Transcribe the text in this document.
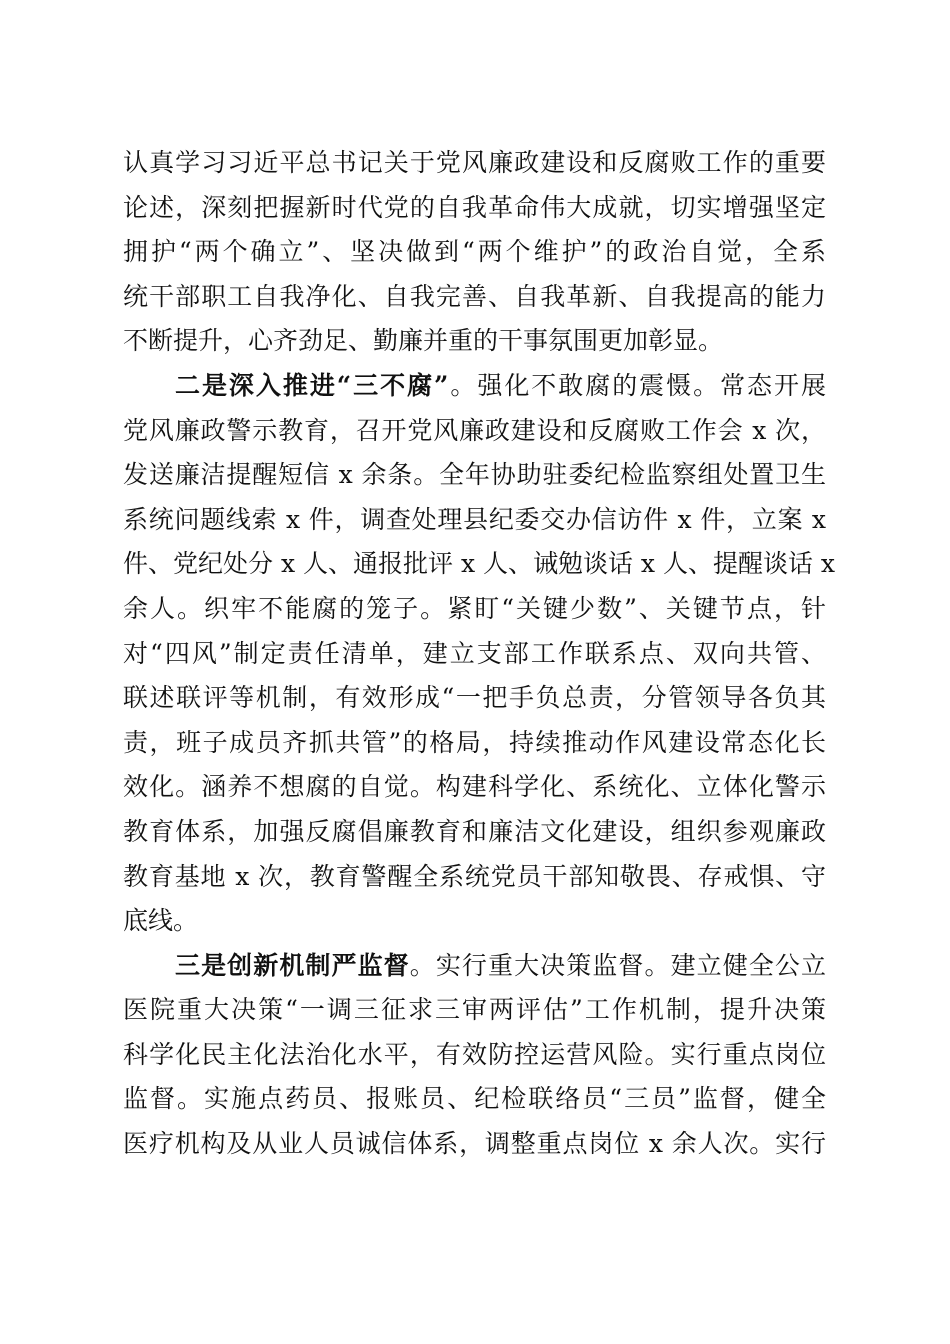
认真学习习近平总书记关于党风廉政建设和反腐败工作的重要
论述，深刻把握新时代党的自我革命伟大成就，切实增强坚定
拥护“两个确立”、坚决做到“两个维护”的政治自觉，全系
统干部职工自我净化、自我完善、自我革新、自我提高的能力
不断提升，心齐劲足、勤廉并重的干事氛围更加彰显。
二是深入推进“三不腐”。强化不敢腐的震慑。常态开展
党风廉政警示教育，召开党风廉政建设和反腐败工作会 x 次，
发送廉洁提醒短信 x 余条。全年协助驻委纪检监察组处置卫生
系统问题线索 x 件，调查处理县纪委交办信访件 x 件，立案 x
件、党纪处分 x 人、通报批评 x 人、诫勉谈话 x 人、提醒谈话 x
余人。织牢不能腐的笼子。紧盯“关键少数”、关键节点，针
对“四风”制定责任清单，建立支部工作联系点、双向共管、
联述联评等机制，有效形成“一把手负总责，分管领导各负其
责，班子成员齐抓共管”的格局，持续推动作风建设常态化长
效化。涵养不想腐的自觉。构建科学化、系统化、立体化警示
教育体系，加强反腐倡廉教育和廉洁文化建设，组织参观廉政
教育基地 x 次，教育警醒全系统党员干部知敬畏、存戒惧、守
底线。
三是创新机制严监督。实行重大决策监督。建立健全公立
医院重大决策“一调三征求三审两评估”工作机制，提升决策
科学化民主化法治化水平，有效防控运营风险。实行重点岗位
监督。实施点药员、报账员、纪检联络员“三员”监督，健全
医疗机构及从业人员诚信体系，调整重点岗位 x 余人次。实行
